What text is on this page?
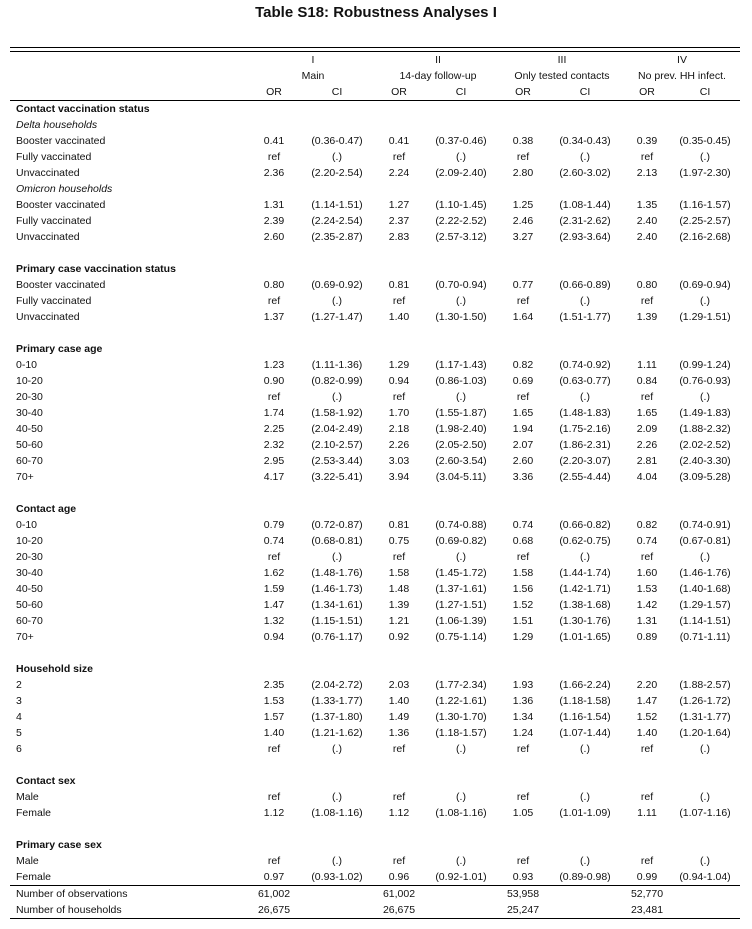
Table S18: Robustness Analyses I

	I		II		III		IV	
	Main		14-day follow-up		Only tested contacts		No prev. HH infect.	
	OR	CI	OR	CI	OR	CI	OR	CI
Contact vaccination status								
Delta households								
Booster vaccinated	0.41	(0.36-0.47)	0.41	(0.37-0.46)	0.38	(0.34-0.43)	0.39	(0.35-0.45)
Fully vaccinated	ref	(.)	ref	(.)	ref	(.)	ref	(.)
Unvaccinated	2.36	(2.20-2.54)	2.24	(2.09-2.40)	2.80	(2.60-3.02)	2.13	(1.97-2.30)
Omicron households								
Booster vaccinated	1.31	(1.14-1.51)	1.27	(1.10-1.45)	1.25	(1.08-1.44)	1.35	(1.16-1.57)
Fully vaccinated	2.39	(2.24-2.54)	2.37	(2.22-2.52)	2.46	(2.31-2.62)	2.40	(2.25-2.57)
Unvaccinated	2.60	(2.35-2.87)	2.83	(2.57-3.12)	3.27	(2.93-3.64)	2.40	(2.16-2.68)

Primary case vaccination status								
Booster vaccinated	0.80	(0.69-0.92)	0.81	(0.70-0.94)	0.77	(0.66-0.89)	0.80	(0.69-0.94)
Fully vaccinated	ref	(.)	ref	(.)	ref	(.)	ref	(.)
Unvaccinated	1.37	(1.27-1.47)	1.40	(1.30-1.50)	1.64	(1.51-1.77)	1.39	(1.29-1.51)

Primary case age								
0-10	1.23	(1.11-1.36)	1.29	(1.17-1.43)	0.82	(0.74-0.92)	1.11	(0.99-1.24)
10-20	0.90	(0.82-0.99)	0.94	(0.86-1.03)	0.69	(0.63-0.77)	0.84	(0.76-0.93)
20-30	ref	(.)	ref	(.)	ref	(.)	ref	(.)
30-40	1.74	(1.58-1.92)	1.70	(1.55-1.87)	1.65	(1.48-1.83)	1.65	(1.49-1.83)
40-50	2.25	(2.04-2.49)	2.18	(1.98-2.40)	1.94	(1.75-2.16)	2.09	(1.88-2.32)
50-60	2.32	(2.10-2.57)	2.26	(2.05-2.50)	2.07	(1.86-2.31)	2.26	(2.02-2.52)
60-70	2.95	(2.53-3.44)	3.03	(2.60-3.54)	2.60	(2.20-3.07)	2.81	(2.40-3.30)
70+	4.17	(3.22-5.41)	3.94	(3.04-5.11)	3.36	(2.55-4.44)	4.04	(3.09-5.28)

Contact age								
0-10	0.79	(0.72-0.87)	0.81	(0.74-0.88)	0.74	(0.66-0.82)	0.82	(0.74-0.91)
10-20	0.74	(0.68-0.81)	0.75	(0.69-0.82)	0.68	(0.62-0.75)	0.74	(0.67-0.81)
20-30	ref	(.)	ref	(.)	ref	(.)	ref	(.)
30-40	1.62	(1.48-1.76)	1.58	(1.45-1.72)	1.58	(1.44-1.74)	1.60	(1.46-1.76)
40-50	1.59	(1.46-1.73)	1.48	(1.37-1.61)	1.56	(1.42-1.71)	1.53	(1.40-1.68)
50-60	1.47	(1.34-1.61)	1.39	(1.27-1.51)	1.52	(1.38-1.68)	1.42	(1.29-1.57)
60-70	1.32	(1.15-1.51)	1.21	(1.06-1.39)	1.51	(1.30-1.76)	1.31	(1.14-1.51)
70+	0.94	(0.76-1.17)	0.92	(0.75-1.14)	1.29	(1.01-1.65)	0.89	(0.71-1.11)

Household size								
2	2.35	(2.04-2.72)	2.03	(1.77-2.34)	1.93	(1.66-2.24)	2.20	(1.88-2.57)
3	1.53	(1.33-1.77)	1.40	(1.22-1.61)	1.36	(1.18-1.58)	1.47	(1.26-1.72)
4	1.57	(1.37-1.80)	1.49	(1.30-1.70)	1.34	(1.16-1.54)	1.52	(1.31-1.77)
5	1.40	(1.21-1.62)	1.36	(1.18-1.57)	1.24	(1.07-1.44)	1.40	(1.20-1.64)
6	ref	(.)	ref	(.)	ref	(.)	ref	(.)

Contact sex								
Male	ref	(.)	ref	(.)	ref	(.)	ref	(.)
Female	1.12	(1.08-1.16)	1.12	(1.08-1.16)	1.05	(1.01-1.09)	1.11	(1.07-1.16)

Primary case sex								
Male	ref	(.)	ref	(.)	ref	(.)	ref	(.)
Female	0.97	(0.93-1.02)	0.96	(0.92-1.01)	0.93	(0.89-0.98)	0.99	(0.94-1.04)
Number of observations	61,002		61,002		53,958		52,770	
Number of households	26,675		26,675		25,247		23,481	
